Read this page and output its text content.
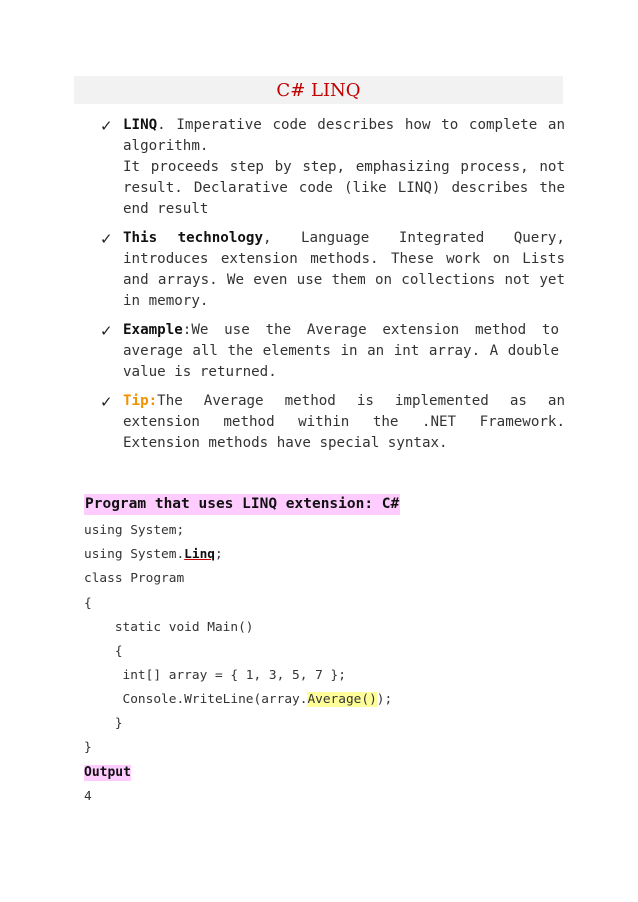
C# LINQ
✓ LINQ. Imperative code describes how to complete an
algorithm.
It proceeds step by step, emphasizing process, not
result. Declarative code (like LINQ) describes the
end result
✓ This technology , Language Integrated Query,
introduces extension methods. These work on Lists
and arrays. We even use them on collections not yet
in memory.
✓ Example:We use the Average extension method to
average all the elements in an int array. A double
value is returned.
✓ Tip:The Average method is implemented as an
extension method within the .NET Framework.
Extension methods have special syntax.
Program that uses LINQ extension: C#
using System;
using System.Linq;
class Program
{
static void Main()
{
int[] array = { 1, 3, 5, 7 };
Console.WriteLine(array.Average());
}
}
Output
4
